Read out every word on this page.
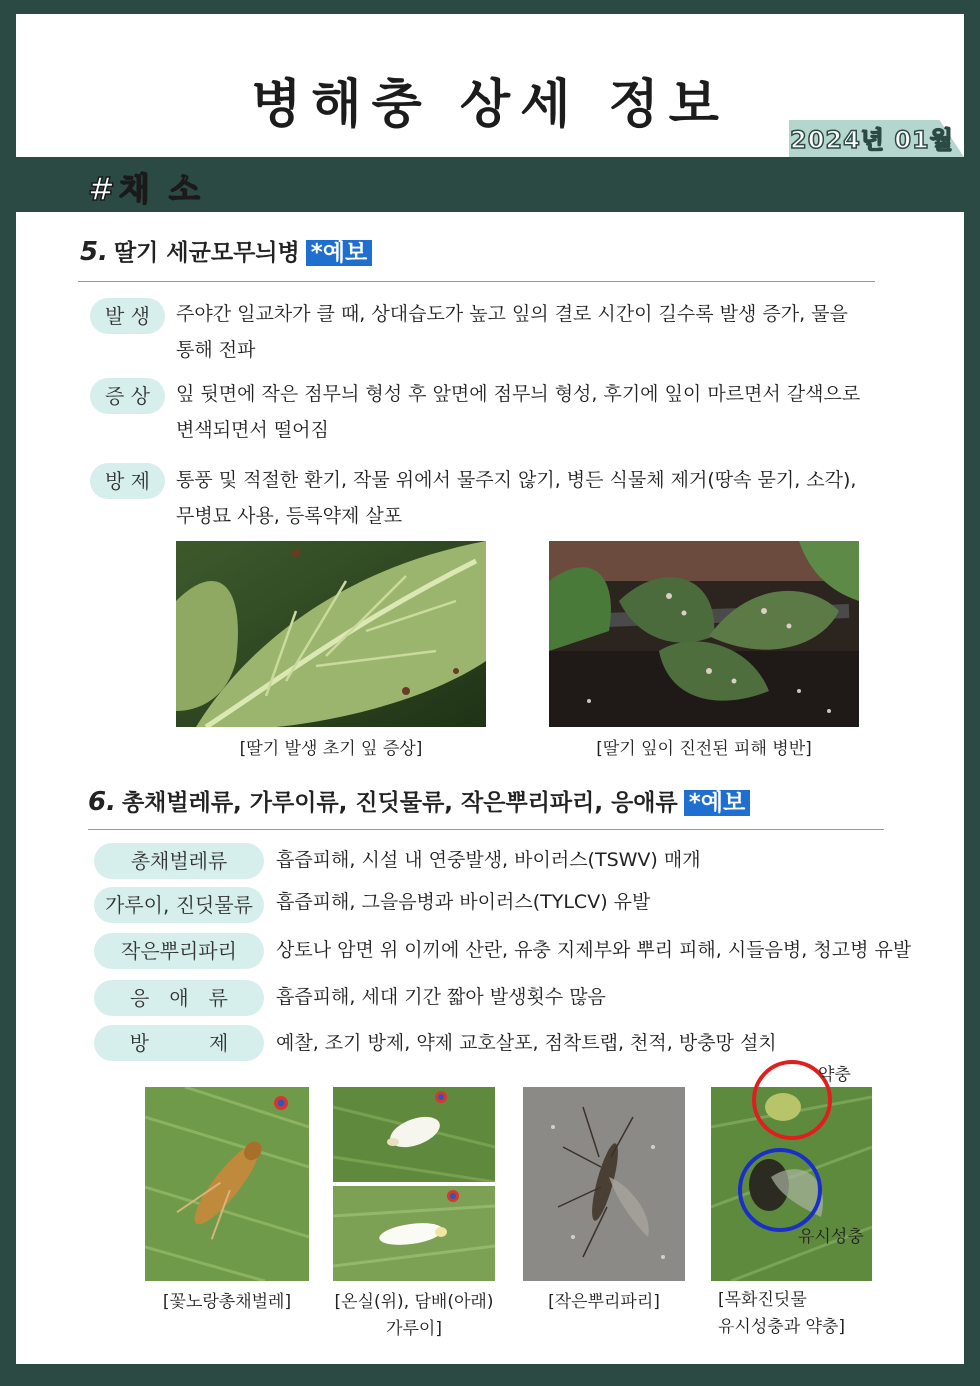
병해충 상세 정보
2024년 01월
#채 소
5. 딸기 세균모무늬병 *예보
발 생	주야간 일교차가 클 때, 상대습도가 높고 잎의 결로 시간이 길수록 발생 증가, 물을
통해 전파
증 상	잎 뒷면에 작은 점무늬 형성 후 앞면에 점무늬 형성, 후기에 잎이 마르면서 갈색으로
변색되면서 떨어짐
방 제	통풍 및 적절한 환기, 작물 위에서 물주지 않기, 병든 식물체 제거(땅속 묻기, 소각),
무병묘 사용, 등록약제 살포
[딸기 발생 초기 잎 증상]	[딸기 잎이 진전된 피해 병반]
6. 총채벌레류, 가루이류, 진딧물류, 작은뿌리파리, 응애류 *예보
총채벌레류	흡즙피해, 시설 내 연중발생, 바이러스(TSWV) 매개
가루이, 진딧물류	흡즙피해, 그을음병과 바이러스(TYLCV) 유발
작은뿌리파리	상토나 암면 위 이끼에 산란, 유충 지제부와 뿌리 피해, 시들음병, 청고병 유발
응　애　류	흡즙피해, 세대 기간 짧아 발생횟수 많음
방　　　제	예찰, 조기 방제, 약제 교호살포, 점착트랩, 천적, 방충망 설치
약충
유시성충
[꽃노랑총채벌레]	[온실(위), 담배(아래)
가루이]
[작은뿌리파리]	[목화진딧물
유시성충과 약충]
